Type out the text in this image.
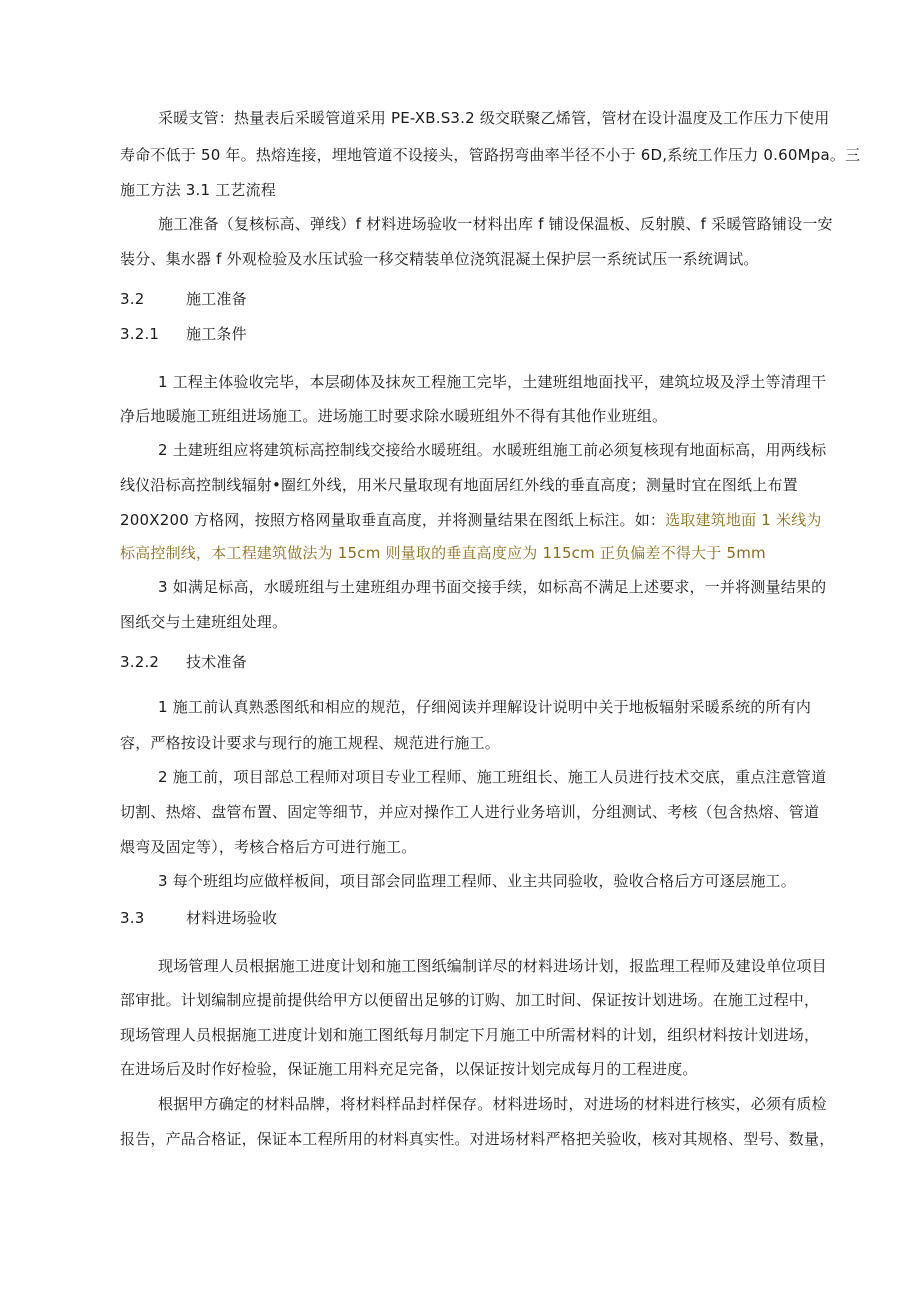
采暖支管：热量表后采暖管道采用 PE-XB.S3.2 级交联聚乙烯管，管材在设计温度及工作压力下使用

寿命不低于 50 年。热熔连接，埋地管道不设接头，管路拐弯曲率半径不小于 6D,系统工作压力 0.60Mpa。三

施工方法 3.1 工艺流程

施工准备（复核标高、弹线）f 材料进场验收一材料出库 f 铺设保温板、反射膜、f 采暖管路铺设一安

装分、集水器 f 外观检验及水压试验一移交精装单位浇筑混凝土保护层一系统试压一系统调试。

3.2	施工准备

3.2.1 施工条件

1 工程主体验收完毕，本层砌体及抹灰工程施工完毕，土建班组地面找平，建筑垃圾及浮土等清理干

净后地暖施工班组进场施工。进场施工时要求除水暖班组外不得有其他作业班组。

2 土建班组应将建筑标高控制线交接给水暖班组。水暖班组施工前必须复核现有地面标高，用两线标

线仪沿标高控制线辐射•圈红外线，用米尺量取现有地面居红外线的垂直高度；测量时宜在图纸上布置

200X200 方格网，按照方格网量取垂直高度，并将测量结果在图纸上标注。如：选取建筑地面 1 米线为

标高控制线，本工程建筑做法为 15cm 则量取的垂直高度应为 115cm 正负偏差不得大于 5mm

3 如满足标高，水暖班组与土建班组办理书面交接手续，如标高不满足上述要求，一并将测量结果的

图纸交与土建班组处理。

3.2.2 技术准备

1 施工前认真熟悉图纸和相应的规范，仔细阅读并理解设计说明中关于地板辐射采暖系统的所有内

容，严格按设计要求与现行的施工规程、规范进行施工。

2 施工前，项目部总工程师对项目专业工程师、施工班组长、施工人员进行技术交底，重点注意管道

切割、热熔、盘管布置、固定等细节，并应对操作工人进行业务培训，分组测试、考核（包含热熔、管道

煨弯及固定等），考核合格后方可进行施工。

3 每个班组均应做样板间，项目部会同监理工程师、业主共同验收，验收合格后方可逐层施工。

3.3	材料进场验收

现场管理人员根据施工进度计划和施工图纸编制详尽的材料进场计划，报监理工程师及建设单位项目

部审批。计划编制应提前提供给甲方以便留出足够的订购、加工时间、保证按计划进场。在施工过程中，

现场管理人员根据施工进度计划和施工图纸每月制定下月施工中所需材料的计划，组织材料按计划进场，

在进场后及时作好检验，保证施工用料充足完备，以保证按计划完成每月的工程进度。

根据甲方确定的材料品牌，将材料样品封样保存。材料进场时，对进场的材料进行核实，必须有质检

报告，产品合格证，保证本工程所用的材料真实性。对进场材料严格把关验收，核对其规格、型号、数量，
